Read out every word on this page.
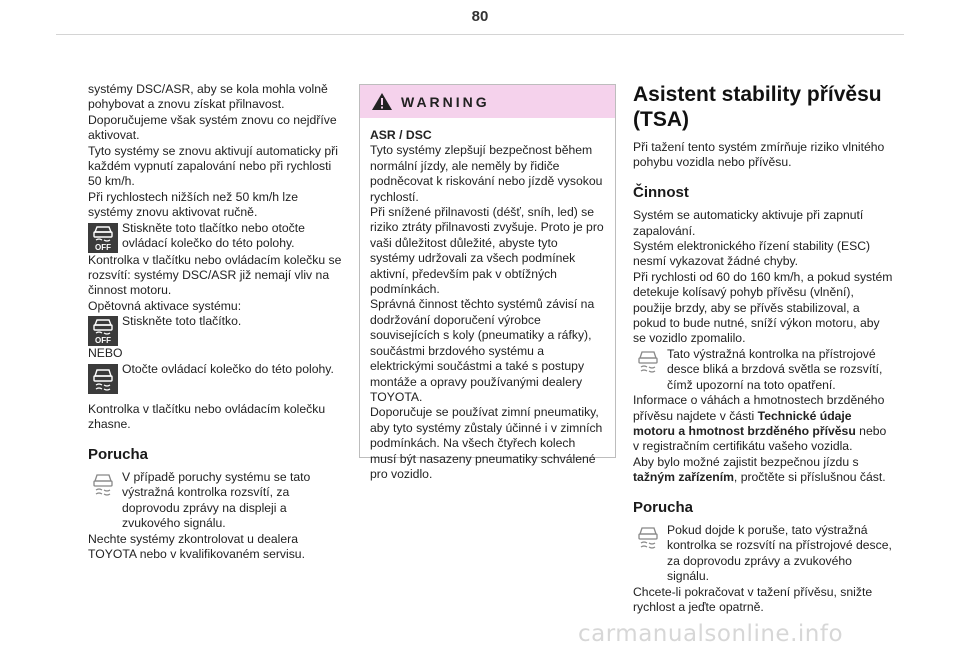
80

systémy DSC/ASR, aby se kola mohla volně pohybovat a znovu získat přilnavost.

Doporučujeme však systém znovu co nejdříve aktivovat.

Tyto systémy se znovu aktivují automaticky při každém vypnutí zapalování nebo při rychlosti 50 km/h.

Při rychlostech nižších než 50 km/h lze systémy znovu aktivovat ručně.

OFF
Stiskněte toto tlačítko nebo otočte ovládací kolečko do této polohy.

Kontrolka v tlačítku nebo ovládacím kolečku se rozsvítí: systémy DSC/ASR již nemají vliv na činnost motoru.

Opětovná aktivace systému:

OFF
Stiskněte toto tlačítko.

NEBO

Otočte ovládací kolečko do této polohy.

Kontrolka v tlačítku nebo ovládacím kolečku zhasne.

Porucha
V případě poruchy systému se tato výstražná kontrolka rozsvítí, za doprovodu zprávy na displeji a zvukového signálu.

Nechte systémy zkontrolovat u dealera TOYOTA nebo v kvalifikovaném servisu.

WARNING

ASR / DSC

Tyto systémy zlepšují bezpečnost během normální jízdy, ale neměly by řidiče podněcovat k riskování nebo jízdě vysokou rychlostí.

Při snížené přilnavosti (déšť, sníh, led) se riziko ztráty přilnavosti zvyšuje. Proto je pro vaši důležitost důležité, abyste tyto systémy udržovali za všech podmínek aktivní, především pak v obtížných podmínkách.

Správná činnost těchto systémů závisí na dodržování doporučení výrobce souvisejících s koly (pneumatiky a ráfky), součástmi brzdového systému a elektrickými součástmi a také s postupy montáže a opravy používanými dealery TOYOTA.

Doporučuje se používat zimní pneumatiky, aby tyto systémy zůstaly účinné i v zimních podmínkách. Na všech čtyřech kolech musí být nasazeny pneumatiky schválené pro vozidlo.

Asistent stability přívěsu (TSA)

Při tažení tento systém zmírňuje riziko vlnitého pohybu vozidla nebo přívěsu.

Činnost

Systém se automaticky aktivuje při zapnutí zapalování.

Systém elektronického řízení stability (ESC) nesmí vykazovat žádné chyby.

Při rychlosti od 60 do 160 km/h, a pokud systém detekuje kolísavý pohyb přívěsu (vlnění), použije brzdy, aby se přívěs stabilizoval, a pokud to bude nutné, sníží výkon motoru, aby se vozidlo zpomalilo.

Tato výstražná kontrolka na přístrojové desce bliká a brzdová světla se rozsvítí, čímž upozorní na toto opatření.

Informace o váhách a hmotnostech brzděného přívěsu najdete v části Technické údaje motoru a hmotnost brzděného přívěsu nebo v registračním certifikátu vašeho vozidla.

Aby bylo možné zajistit bezpečnou jízdu s tažným zařízením, pročtěte si příslušnou část.

Porucha
Pokud dojde k poruše, tato výstražná kontrolka se rozsvítí na přístrojové desce, za doprovodu zprávy a zvukového signálu.

Chcete-li pokračovat v tažení přívěsu, snižte rychlost a jeďte opatrně.

carmanualsonline.info
